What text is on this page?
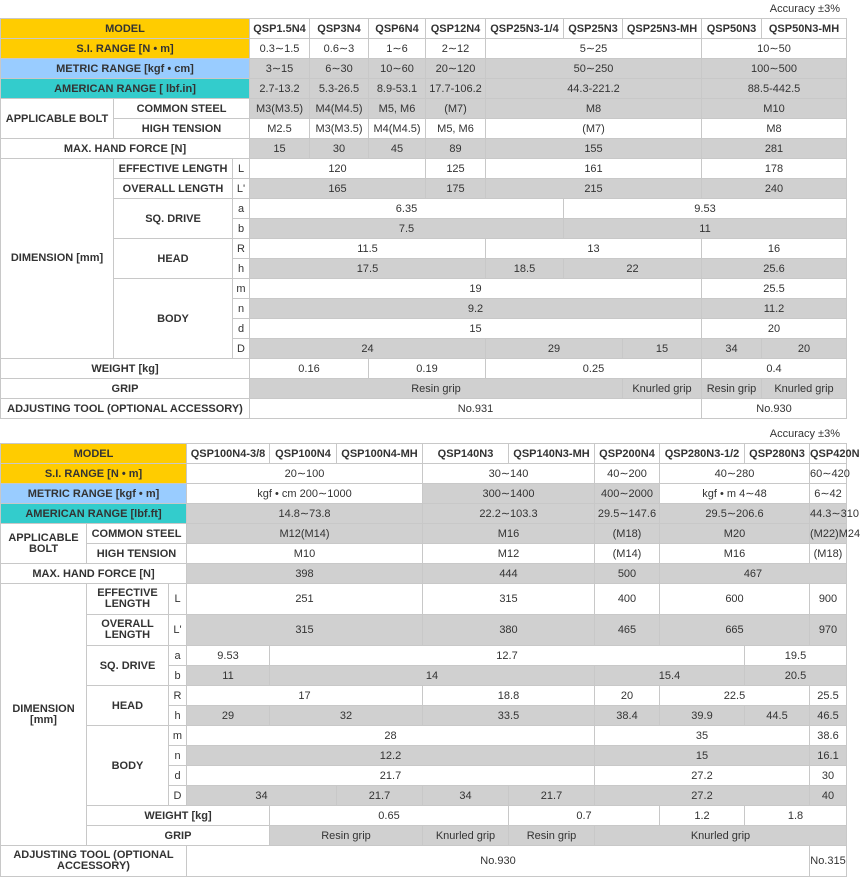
Accuracy ±3%
MODEL			QSP1.5N4	QSP3N4	QSP6N4	QSP12N4	QSP25N3-1/4	QSP25N3	QSP25N3-MH	QSP50N3	QSP50N3-MH
S.I. RANGE [N • m]			0.3∼1.5	0.6∼3	1∼6	2∼12	5∼25			10∼50	
METRIC RANGE [kgf • cm]			3∼15	6∼30	10∼60	20∼120	50∼250			100∼500	
AMERICAN RANGE [ lbf.in]			2.7-13.2	5.3-26.5	8.9-53.1	17.7-106.2	44.3-221.2			88.5-442.5	
APPLICABLE BOLT	COMMON STEEL		M3(M3.5)	M4(M4.5)	M5, M6	(M7)	M8			M10	
	HIGH TENSION		M2.5	M3(M3.5)	M4(M4.5)	M5, M6	(M7)			M8	
MAX. HAND FORCE [N]			15	30	45	89	155			281	
DIMENSION [mm]	EFFECTIVE LENGTH	L	120			125	161			178	
	OVERALL LENGTH	L'	165			175	215			240	
	SQ. DRIVE	a	6.35					9.53			
		b	7.5					11			
	HEAD	R	11.5				13			16	
		h	17.5				18.5	22		25.6	
	BODY	m	19							25.5	
		n	9.2							11.2	
		d	15							20	
		D	24				29		15	34	20
WEIGHT [kg]			0.16		0.19		0.25			0.4	
GRIP			Resin grip						Knurled grip	Resin grip	Knurled grip
ADJUSTING TOOL (OPTIONAL ACCESSORY)			No.931							No.930	
Accuracy ±3%
MODEL			QSP100N4-3/8	QSP100N4	QSP100N4-MH	QSP140N3	QSP140N3-MH	QSP200N4	QSP280N3-1/2	QSP280N3	QSP420N	
S.I. RANGE [N • m]			20∼100			30∼140		40∼200	40∼280		60∼420	
METRIC RANGE [kgf • m]			kgf • cm 200∼1000			300∼1400		400∼2000	kgf • m 4∼48		6∼42	
AMERICAN RANGE [lbf.ft]			14.8∼73.8			22.2∼103.3		29.5∼147.6	29.5∼206.6		44.3∼310	
APPLICABLE BOLT	COMMON STEEL		M12(M14)			M16		(M18)	M20		(M22)M24	
	HIGH TENSION		M10			M12		(M14)	M16		(M18)	
MAX. HAND FORCE [N]			398			444		500	467			
DIMENSION [mm]	EFFECTIVE LENGTH	L	251			315		400	600		900	
	OVERALL LENGTH	L'	315			380		465	665		970	
	SQ. DRIVE	a	9.53	12.7						19.5		
		b	11	14				15.4		20.5		
	HEAD	R	17			18.8		20	22.5		25.5	
		h	29	32		33.5		38.4	39.9	44.5	46.5	
	BODY	m	28					35			38.6	
		n	12.2					15			16.1	
		d	21.7					27.2			30	
		D	34		21.7	34	21.7	27.2			40	
	WEIGHT [kg]			0.65			0.7		1.2	1.8	
	GRIP			Resin grip		Knurled grip	Resin grip	Knurled grip				
ADJUSTING TOOL (OPTIONAL ACCESSORY)			No.930								No.315	
